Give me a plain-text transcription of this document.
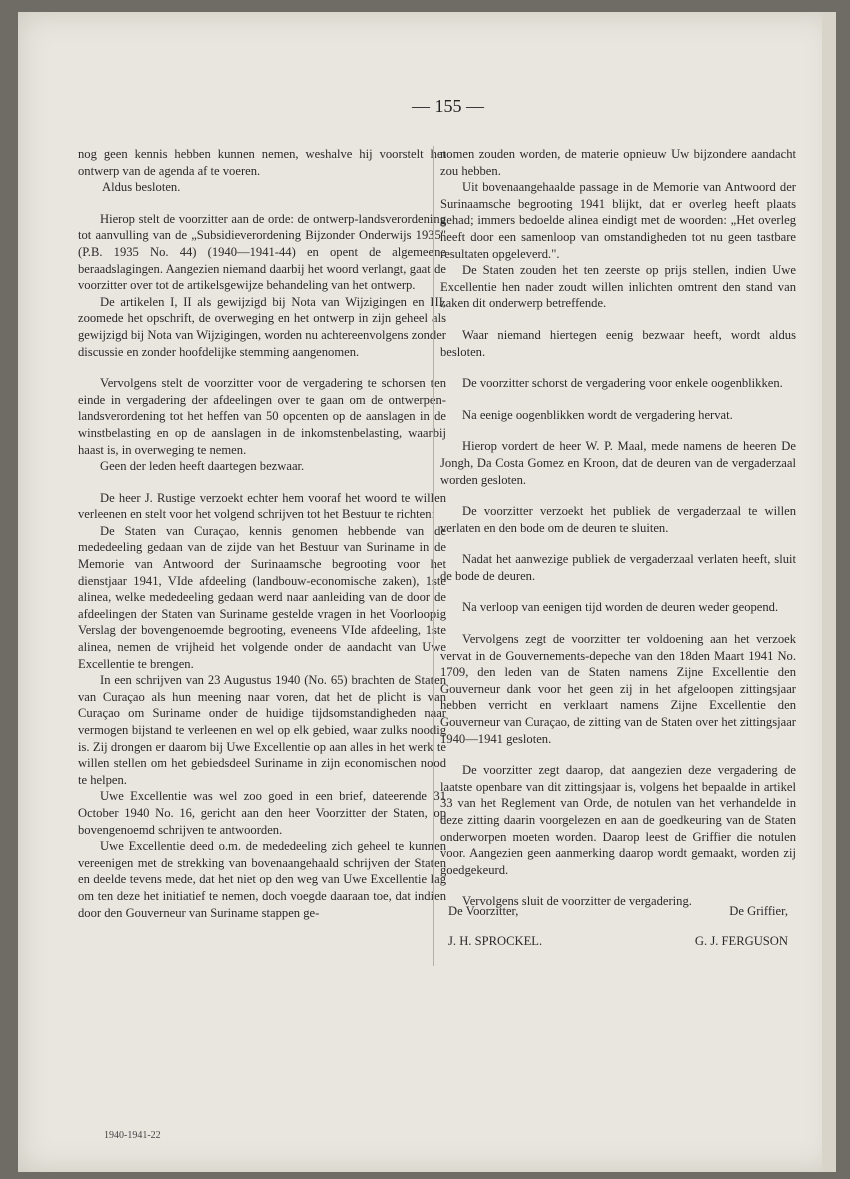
— 155 —

nog geen kennis hebben kunnen nemen, weshalve hij voorstelt het ontwerp van de agenda af te voeren.

Aldus besloten.

Hierop stelt de voorzitter aan de orde: de ontwerp-landsverordening tot aanvulling van de „Subsidieverordening Bijzonder Onderwijs 1935" (P.B. 1935 No. 44) (1940—1941-44) en opent de algemeene beraadslagingen. Aangezien niemand daarbij het woord verlangt, gaat de voorzitter over tot de artikelsgewijze behandeling van het ontwerp.

De artikelen I, II als gewijzigd bij Nota van Wijzigingen en III, zoomede het opschrift, de overweging en het ontwerp in zijn geheel als gewijzigd bij Nota van Wijzigingen, worden nu achtereenvolgens zonder discussie en zonder hoofdelijke stemming aangenomen.

Vervolgens stelt de voorzitter voor de vergadering te schorsen ten einde in vergadering der afdeelingen over te gaan om de ontwerpen-landsverordening tot het heffen van 50 opcenten op de aanslagen in de winstbelasting en op de aanslagen in de inkomstenbelasting, waarbij haast is, in overweging te nemen.

Geen der leden heeft daartegen bezwaar.

De heer J. Rustige verzoekt echter hem vooraf het woord te willen verleenen en stelt voor het volgend schrijven tot het Bestuur te richten:

De Staten van Curaçao, kennis genomen hebbende van de mededeeling gedaan van de zijde van het Bestuur van Suriname in de Memorie van Antwoord der Surinaamsche begrooting voor het dienstjaar 1941, VIde afdeeling (landbouw-economische zaken), 1ste alinea, welke mededeeling gedaan werd naar aanleiding van de door de afdeelingen der Staten van Suriname gestelde vragen in het Voorloopig Verslag der bovengenoemde begrooting, eveneens VIde afdeeling, 1ste alinea, nemen de vrijheid het volgende onder de aandacht van Uwe Excellentie te brengen.

In een schrijven van 23 Augustus 1940 (No. 65) brachten de Staten van Curaçao als hun meening naar voren, dat het de plicht is van Curaçao om Suriname onder de huidige tijdsomstandigheden naar vermogen bijstand te verleenen en wel op elk gebied, waar zulks noodig is. Zij drongen er daarom bij Uwe Excellentie op aan alles in het werk te willen stellen om het gebiedsdeel Suriname in zijn economischen nood te helpen.

Uwe Excellentie was wel zoo goed in een brief, dateerende 31 October 1940 No. 16, gericht aan den heer Voorzitter der Staten, op bovengenoemd schrijven te antwoorden.

Uwe Excellentie deed o.m. de mededeeling zich geheel te kunnen vereenigen met de strekking van bovenaangehaald schrijven der Staten en deelde tevens mede, dat het niet op den weg van Uwe Excellentie lag om ten deze het initiatief te nemen, doch voegde daaraan toe, dat indien door den Gouverneur van Suriname stappen ge-

nomen zouden worden, de materie opnieuw Uw bijzondere aandacht zou hebben.

Uit bovenaangehaalde passage in de Memorie van Antwoord der Surinaamsche begrooting 1941 blijkt, dat er overleg heeft plaats gehad; immers bedoelde alinea eindigt met de woorden: „Het overleg heeft door een samenloop van omstandigheden tot nu geen tastbare resultaten opgeleverd.".

De Staten zouden het ten zeerste op prijs stellen, indien Uwe Excellentie hen nader zoudt willen inlichten omtrent den stand van zaken dit onderwerp betreffende.

Waar niemand hiertegen eenig bezwaar heeft, wordt aldus besloten.

De voorzitter schorst de vergadering voor enkele oogenblikken.

Na eenige oogenblikken wordt de vergadering hervat.

Hierop vordert de heer W. P. Maal, mede namens de heeren De Jongh, Da Costa Gomez en Kroon, dat de deuren van de vergaderzaal worden gesloten.

De voorzitter verzoekt het publiek de vergaderzaal te willen verlaten en den bode om de deuren te sluiten.

Nadat het aanwezige publiek de vergaderzaal verlaten heeft, sluit de bode de deuren.

Na verloop van eenigen tijd worden de deuren weder geopend.

Vervolgens zegt de voorzitter ter voldoening aan het verzoek vervat in de Gouvernements-depeche van den 18den Maart 1941 No. 1709, den leden van de Staten namens Zijne Excellentie den Gouverneur dank voor het geen zij in het afgeloopen zittingsjaar hebben verricht en verklaart namens Zijne Excellentie den Gouverneur van Curaçao, de zitting van de Staten over het zittingsjaar 1940—1941 gesloten.

De voorzitter zegt daarop, dat aangezien deze vergadering de laatste openbare van dit zittingsjaar is, volgens het bepaalde in artikel 33 van het Reglement van Orde, de notulen van het verhandelde in deze zitting daarin voorgelezen en aan de goedkeuring van de Staten onderworpen moeten worden. Daarop leest de Griffier die notulen voor. Aangezien geen aanmerking daarop wordt gemaakt, worden zij goedgekeurd.

Vervolgens sluit de voorzitter de vergadering.

De Voorzitter,	De Griffier,
J. H. SPROCKEL.	G. J. FERGUSON
1940-1941-22
